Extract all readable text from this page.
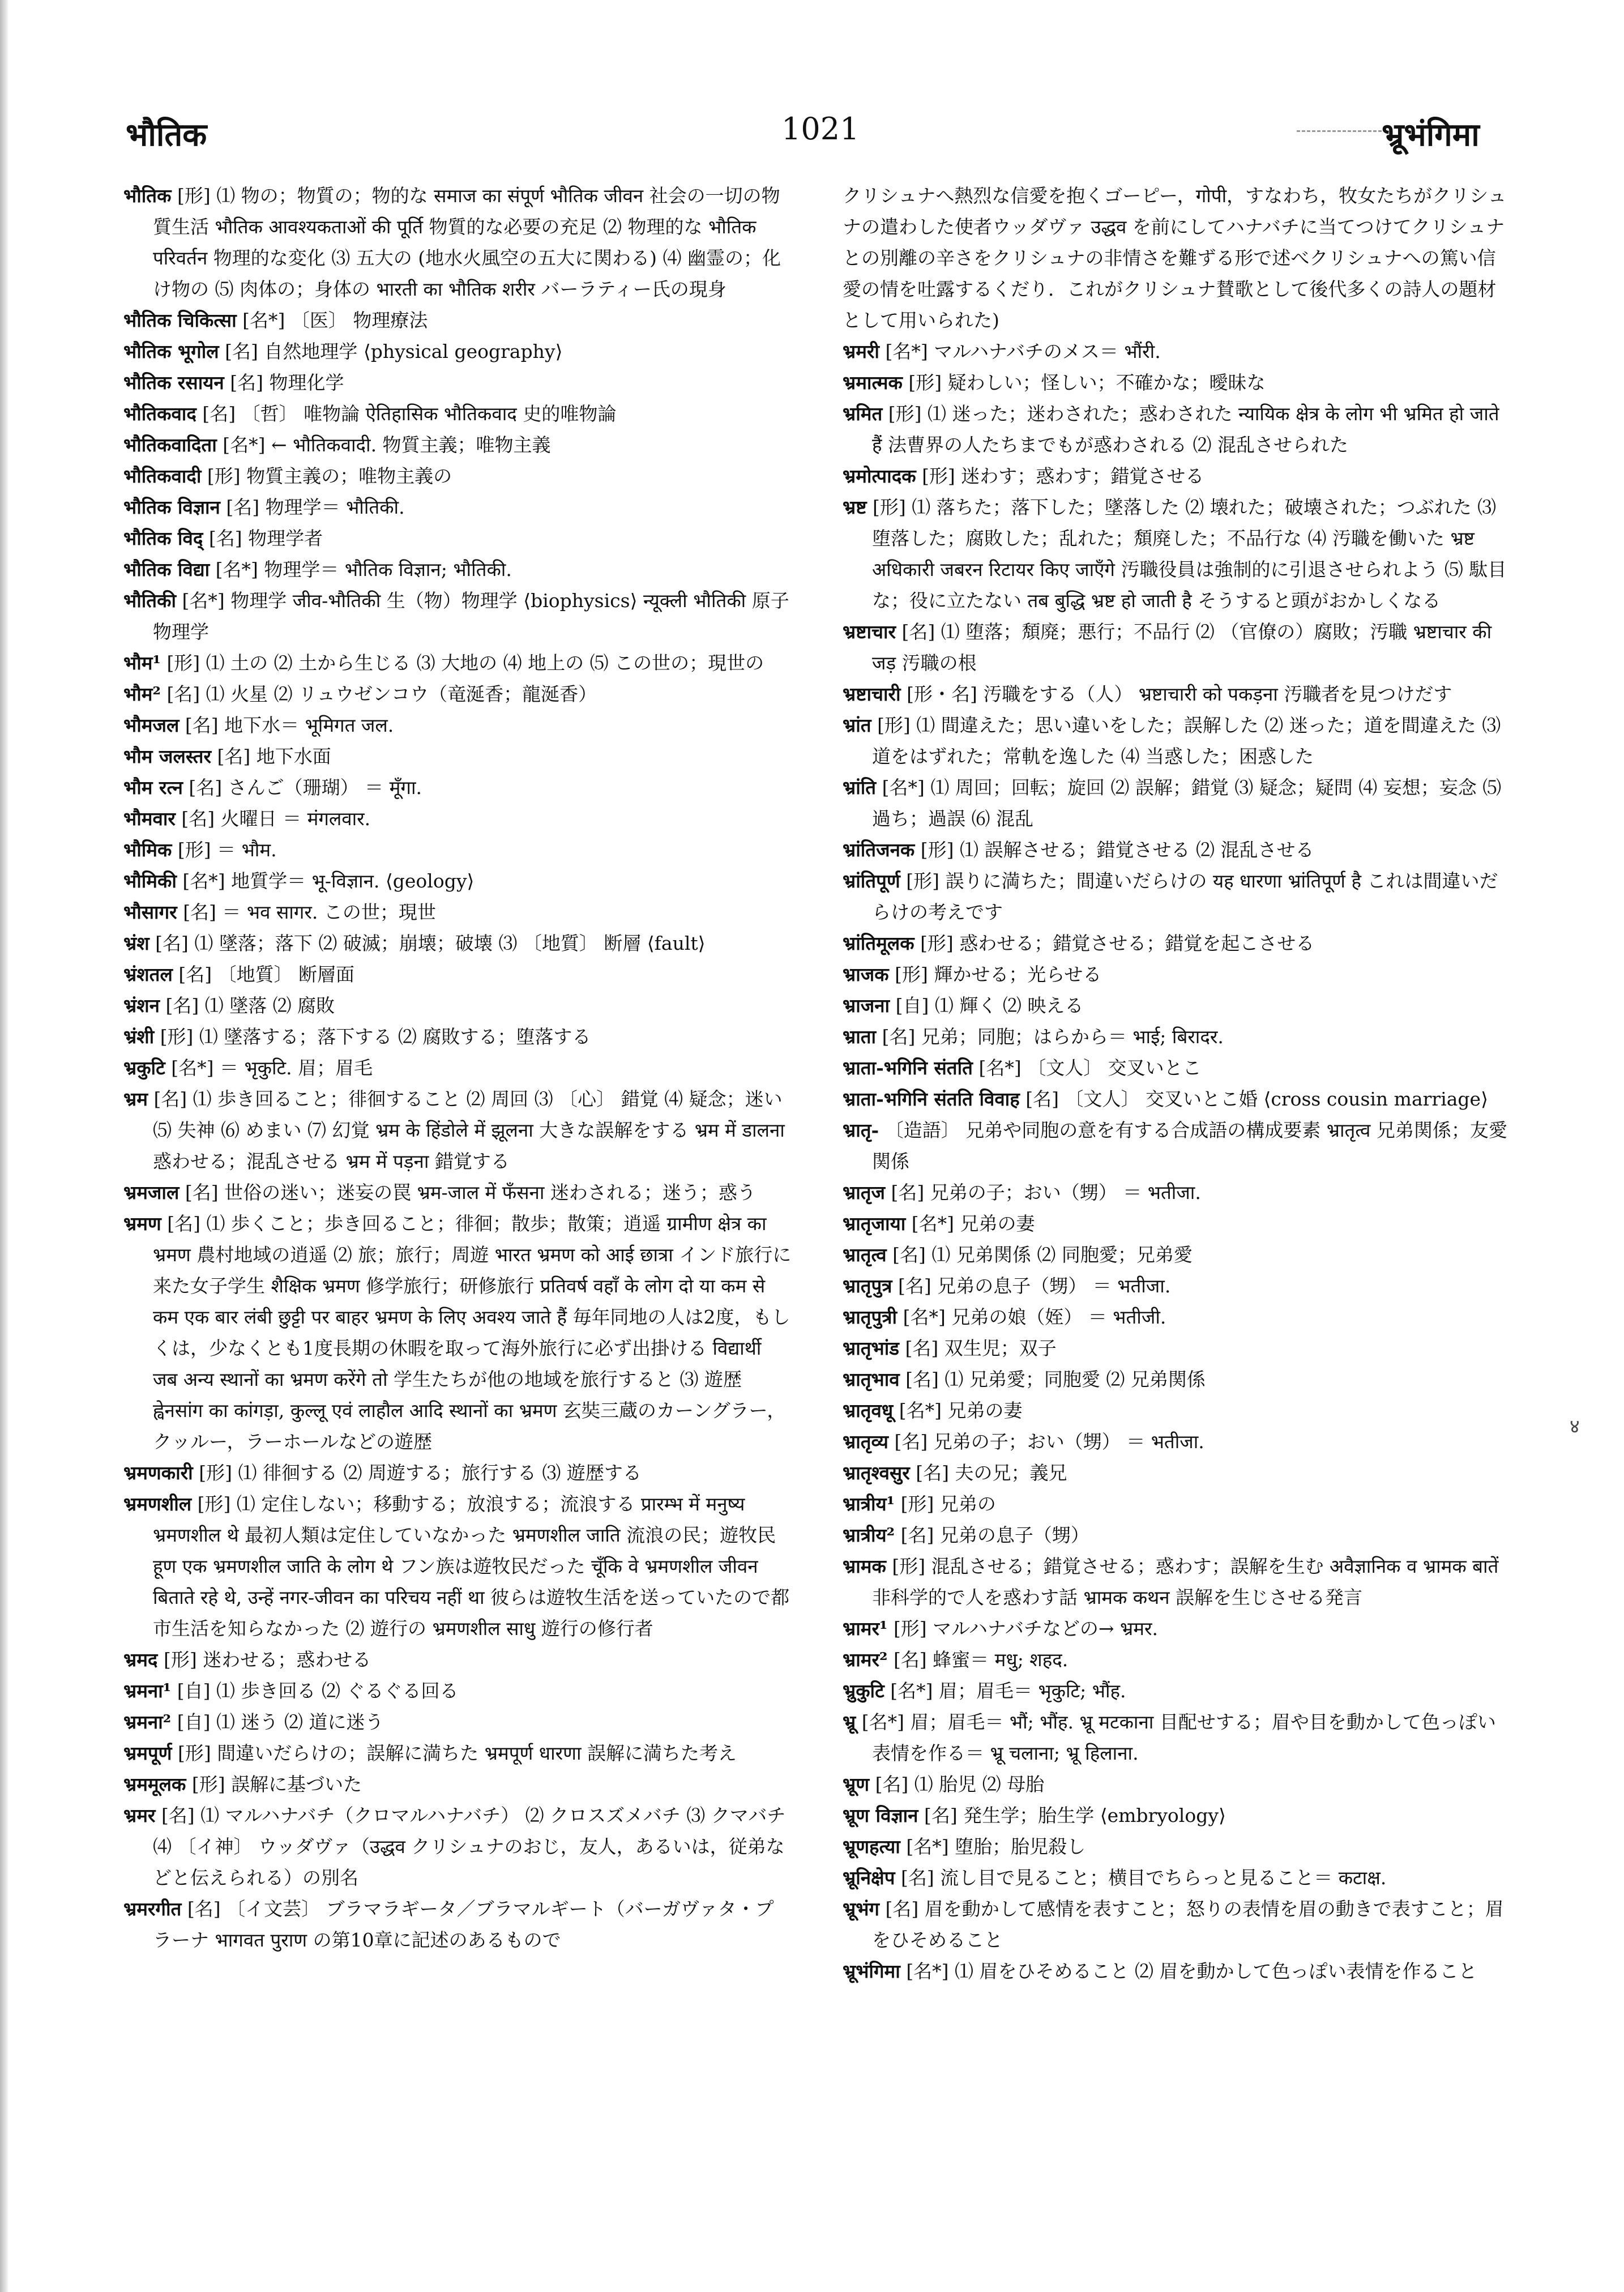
भौतिक	1021	भ्रूभंगिमा

भौतिक [形] ⑴ 物の；物質の；物的な समाज का संपूर्ण भौतिक जीवन 社会の一切の物質生活 भौतिक आवश्यकताओं की पूर्ति 物質的な必要の充足 ⑵ 物理的な भौतिक परिवर्तन 物理的な変化 ⑶ 五大の (地水火風空の五大に関わる) ⑷ 幽霊の；化け物の ⑸ 肉体の；身体の भारती का भौतिक शरीर バーラティー氏の現身

भौतिक चिकित्सा [名*] 〔医〕 物理療法

भौतिक भूगोल [名] 自然地理学 ⟨physical geography⟩

भौतिक रसायन [名] 物理化学

भौतिकवाद [名] 〔哲〕 唯物論 ऐतिहासिक भौतिकवाद 史的唯物論

भौतिकवादिता [名*] ← भौतिकवादी. 物質主義；唯物主義

भौतिकवादी [形] 物質主義の；唯物主義の

भौतिक विज्ञान [名] 物理学＝ भौतिकी.

भौतिक विद् [名] 物理学者

भौतिक विद्या [名*] 物理学＝ भौतिक विज्ञान; भौतिकी.

भौतिकी [名*] 物理学 जीव-भौतिकी 生（物）物理学 ⟨biophysics⟩ न्यूक्ली भौतिकी 原子物理学

भौम¹ [形] ⑴ 土の ⑵ 土から生じる ⑶ 大地の ⑷ 地上の ⑸ この世の；現世の

भौम² [名] ⑴ 火星 ⑵ リュウゼンコウ（竜涎香；龍涎香）

भौमजल [名] 地下水＝ भूमिगत जल.

भौम जलस्तर [名] 地下水面

भौम रत्न [名] さんご（珊瑚） ＝ मूँगा.

भौमवार [名] 火曜日 ＝ मंगलवार.

भौमिक [形] ＝ भौम.

भौमिकी [名*] 地質学＝ भू-विज्ञान. ⟨geology⟩

भौसागर [名] ＝ भव सागर. この世；現世

भ्रंश [名] ⑴ 墜落；落下 ⑵ 破滅；崩壊；破壊 ⑶ 〔地質〕 断層 ⟨fault⟩

भ्रंशतल [名] 〔地質〕 断層面

भ्रंशन [名] ⑴ 墜落 ⑵ 腐敗

भ्रंशी [形] ⑴ 墜落する；落下する ⑵ 腐敗する；堕落する

भ्रकुटि [名*] ＝ भृकुटि. 眉；眉毛

भ्रम [名] ⑴ 歩き回ること；徘徊すること ⑵ 周回 ⑶ 〔心〕 錯覚 ⑷ 疑念；迷い ⑸ 失神 ⑹ めまい ⑺ 幻覚 भ्रम के हिंडोले में झूलना 大きな誤解をする भ्रम में डालना 惑わせる；混乱させる भ्रम में पड़ना 錯覚する

भ्रमजाल [名] 世俗の迷い；迷妄の罠 भ्रम-जाल में फँसना 迷わされる；迷う；惑う

भ्रमण [名] ⑴ 歩くこと；歩き回ること；徘徊；散歩；散策；逍遥 ग्रामीण क्षेत्र का भ्रमण 農村地域の逍遥 ⑵ 旅；旅行；周遊 भारत भ्रमण को आई छात्रा インド旅行に来た女子学生 शैक्षिक भ्रमण 修学旅行；研修旅行 प्रतिवर्ष वहाँ के लोग दो या कम से कम एक बार लंबी छुट्टी पर बाहर भ्रमण के लिए अवश्य जाते हैं 毎年同地の人は2度，もしくは，少なくとも1度長期の休暇を取って海外旅行に必ず出掛ける विद्यार्थी जब अन्य स्थानों का भ्रमण करेंगे तो 学生たちが他の地域を旅行すると ⑶ 遊歴 ह्वेनसांग का कांगड़ा, कुल्लू एवं लाहौल आदि स्थानों का भ्रमण 玄奘三蔵のカーングラー，クッルー，ラーホールなどの遊歴

भ्रमणकारी [形] ⑴ 徘徊する ⑵ 周遊する；旅行する ⑶ 遊歴する

भ्रमणशील [形] ⑴ 定住しない；移動する；放浪する；流浪する प्रारम्भ में मनुष्य भ्रमणशील थे 最初人類は定住していなかった भ्रमणशील जाति 流浪の民；遊牧民 हूण एक भ्रमणशील जाति के लोग थे フン族は遊牧民だった चूँकि वे भ्रमणशील जीवन बिताते रहे थे, उन्हें नगर-जीवन का परिचय नहीं था 彼らは遊牧生活を送っていたので都市生活を知らなかった ⑵ 遊行の भ्रमणशील साधु 遊行の修行者

भ्रमद [形] 迷わせる；惑わせる

भ्रमना¹ [自] ⑴ 歩き回る ⑵ ぐるぐる回る

भ्रमना² [自] ⑴ 迷う ⑵ 道に迷う

भ्रमपूर्ण [形] 間違いだらけの；誤解に満ちた भ्रमपूर्ण धारणा 誤解に満ちた考え

भ्रममूलक [形] 誤解に基づいた

भ्रमर [名] ⑴ マルハナバチ（クロマルハナバチ） ⑵ クロスズメバチ ⑶ クマバチ ⑷ 〔イ神〕 ウッダヴァ（उद्धव クリシュナのおじ，友人，あるいは，従弟などと伝えられる）の別名

भ्रमरगीत [名] 〔イ文芸〕 ブラマラギータ／ブラマルギート（バーガヴァタ・プラーナ भागवत पुराण の第10章に記述のあるもので

クリシュナへ熱烈な信愛を抱くゴーピー，गोपी，すなわち，牧女たちがクリシュナの遣わした使者ウッダヴァ उद्धव を前にしてハナバチに当てつけてクリシュナとの別離の辛さをクリシュナの非情さを難ずる形で述べクリシュナへの篤い信愛の情を吐露するくだり．これがクリシュナ賛歌として後代多くの詩人の題材として用いられた)

भ्रमरी [名*] マルハナバチのメス＝ भौंरी.

भ्रमात्मक [形] 疑わしい；怪しい；不確かな；曖昧な

भ्रमित [形] ⑴ 迷った；迷わされた；惑わされた न्यायिक क्षेत्र के लोग भी भ्रमित हो जाते हैं 法曹界の人たちまでもが惑わされる ⑵ 混乱させられた

भ्रमोत्पादक [形] 迷わす；惑わす；錯覚させる

भ्रष्ट [形] ⑴ 落ちた；落下した；墜落した ⑵ 壊れた；破壊された；つぶれた ⑶ 堕落した；腐敗した；乱れた；頽廃した；不品行な ⑷ 汚職を働いた भ्रष्ट अधिकारी जबरन रिटायर किए जाएँगे 汚職役員は強制的に引退させられよう ⑸ 駄目な；役に立たない तब बुद्धि भ्रष्ट हो जाती है そうすると頭がおかしくなる

भ्रष्टाचार [名] ⑴ 堕落；頽廃；悪行；不品行 ⑵ （官僚の）腐敗；汚職 भ्रष्टाचार की जड़ 汚職の根

भ्रष्टाचारी [形・名] 汚職をする（人） भ्रष्टाचारी को पकड़ना 汚職者を見つけだす

भ्रांत [形] ⑴ 間違えた；思い違いをした；誤解した ⑵ 迷った；道を間違えた ⑶ 道をはずれた；常軌を逸した ⑷ 当惑した；困惑した

भ्रांति [名*] ⑴ 周回；回転；旋回 ⑵ 誤解；錯覚 ⑶ 疑念；疑問 ⑷ 妄想；妄念 ⑸ 過ち；過誤 ⑹ 混乱

भ्रांतिजनक [形] ⑴ 誤解させる；錯覚させる ⑵ 混乱させる

भ्रांतिपूर्ण [形] 誤りに満ちた；間違いだらけの यह धारणा भ्रांतिपूर्ण है これは間違いだらけの考えです

भ्रांतिमूलक [形] 惑わせる；錯覚させる；錯覚を起こさせる

भ्राजक [形] 輝かせる；光らせる

भ्राजना [自] ⑴ 輝く ⑵ 映える

भ्राता [名] 兄弟；同胞；はらから＝ भाई; बिरादर.

भ्राता-भगिनि संतति [名*] 〔文人〕 交叉いとこ

भ्राता-भगिनि संतति विवाह [名] 〔文人〕 交叉いとこ婚 ⟨cross cousin marriage⟩

भ्रातृ- 〔造語〕 兄弟や同胞の意を有する合成語の構成要素 भ्रातृत्व 兄弟関係；友愛関係

भ्रातृज [名] 兄弟の子；おい（甥） ＝ भतीजा.

भ्रातृजाया [名*] 兄弟の妻

भ्रातृत्व [名] ⑴ 兄弟関係 ⑵ 同胞愛；兄弟愛

भ्रातृपुत्र [名] 兄弟の息子（甥） ＝ भतीजा.

भ्रातृपुत्री [名*] 兄弟の娘（姪） ＝ भतीजी.

भ्रातृभांड [名] 双生児；双子

भ्रातृभाव [名] ⑴ 兄弟愛；同胞愛 ⑵ 兄弟関係

भ्रातृवधू [名*] 兄弟の妻

भ्रातृव्य [名] 兄弟の子；おい（甥） ＝ भतीजा.

भ्रातृश्वसुर [名] 夫の兄；義兄

भ्रात्रीय¹ [形] 兄弟の

भ्रात्रीय² [名] 兄弟の息子（甥）

भ्रामक [形] 混乱させる；錯覚させる；惑わす；誤解を生む अवैज्ञानिक व भ्रामक बातें 非科学的で人を惑わす話 भ्रामक कथन 誤解を生じさせる発言

भ्रामर¹ [形] マルハナバチなどの→ भ्रमर.

भ्रामर² [名] 蜂蜜＝ मधु; शहद.

भ्रुकुटि [名*] 眉；眉毛＝ भृकुटि; भौंह.

भ्रू [名*] 眉；眉毛＝ भौं; भौंह. भ्रू मटकाना 目配せする；眉や目を動かして色っぽい表情を作る＝ भ्रू चलाना; भ्रू हिलाना.

भ्रूण [名] ⑴ 胎児 ⑵ 母胎

भ्रूण विज्ञान [名] 発生学；胎生学 ⟨embryology⟩

भ्रूणहत्या [名*] 堕胎；胎児殺し

भ्रूनिक्षेप [名] 流し目で見ること；横目でちらっと見ること＝ कटाक्ष.

भ्रूभंग [名] 眉を動かして感情を表すこと；怒りの表情を眉の動きで表すこと；眉をひそめること

भ्रूभंगिमा [名*] ⑴ 眉をひそめること ⑵ 眉を動かして色っぽい表情を作ること

४
